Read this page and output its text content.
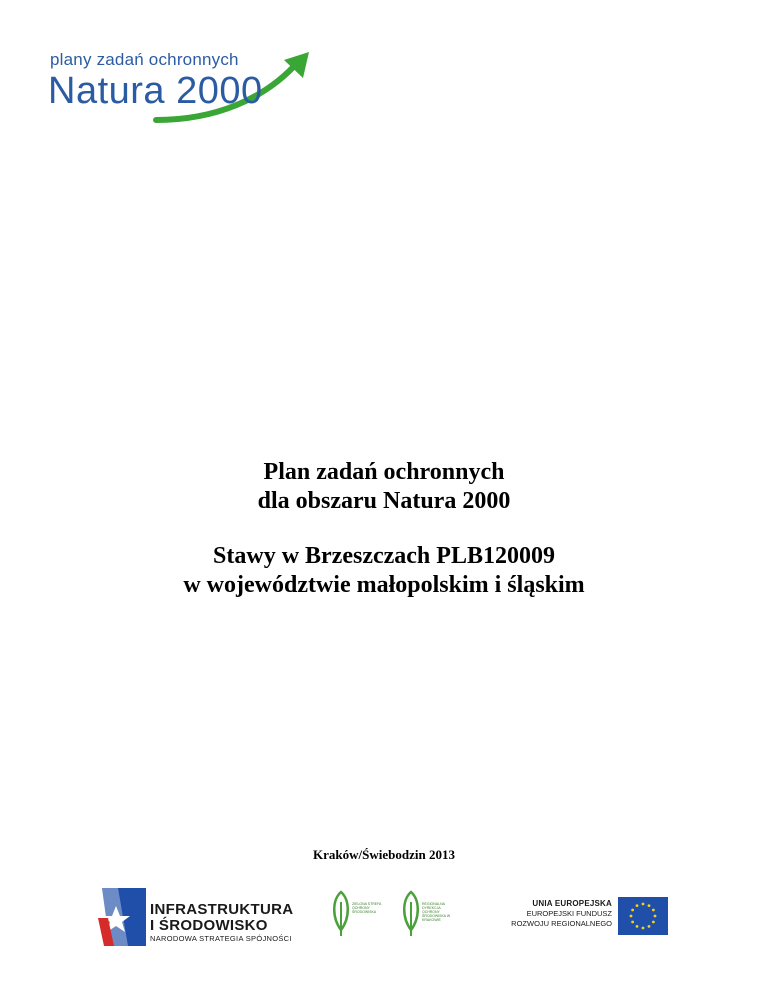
plany zadań ochronnych
Natura 2000
Plan zadań ochronnych
dla obszaru Natura 2000
Stawy w Brzeszczach PLB120009
w województwie małopolskim i śląskim
Kraków/Świebodzin 2013
INFRASTRUKTURA
I ŚRODOWISKO
NARODOWA STRATEGIA SPÓJNOŚCI
ZIELONA STREFA OCHRONY ŚRODOWISKA
REGIONALNA DYREKCJA OCHRONY ŚRODOWISKA W KRAKOWIE
UNIA EUROPEJSKA
EUROPEJSKI FUNDUSZ
ROZWOJU REGIONALNEGO
